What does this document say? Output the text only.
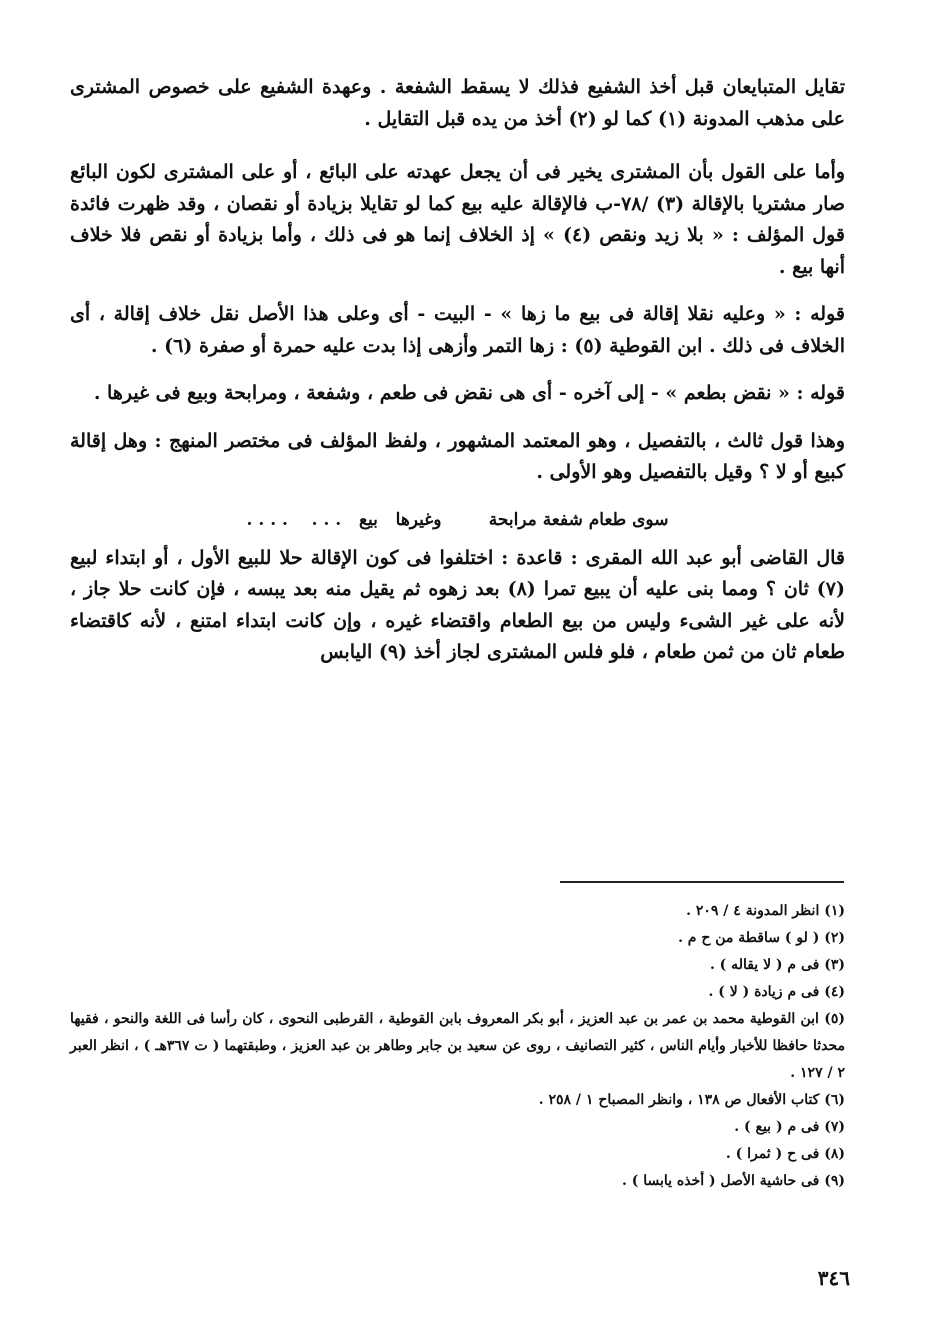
تقايل المتبايعان قبل أخذ الشفيع فذلك لا يسقط الشفعة . وعهدة الشفيع على خصوص المشترى على مذهب المدونة (١) كما لو (٢) أخذ من يده قبل التقايل .

وأما على القول بأن المشترى يخير فى أن يجعل عهدته على البائع ، أو على المشترى لكون البائع صار مشتريا بالإقالة (٣) /٧٨-ب فالإقالة عليه بيع كما لو تقايلا بزيادة أو نقصان ، وقد ظهرت فائدة قول المؤلف : « بلا زيد ونقص (٤) » إذ الخلاف إنما هو فى ذلك ، وأما بزيادة أو نقص فلا خلاف أنها بيع .

قوله : « وعليه نقلا إقالة فى بيع ما زها » - البيت - أى وعلى هذا الأصل نقل خلاف إقالة ، أى الخلاف فى ذلك . ابن القوطية (٥) : زها التمر وأزهى إذا بدت عليه حمرة أو صفرة (٦) .

قوله : « نقض بطعم » - إلى آخره - أى هى نقض فى طعم ، وشفعة ، ومرابحة وبيع فى غيرها .

وهذا قول ثالث ، بالتفصيل ، وهو المعتمد المشهور ، ولفظ المؤلف فى مختصر المنهج : وهل إقالة كبيع أو لا ؟ وقيل بالتفصيل وهو الأولى .

سوى طعام شفعة مرابحة        وغيرها   بيع   . . .    . . . .

قال القاضى أبو عبد الله المقرى : قاعدة : اختلفوا فى كون الإقالة حلا للبيع الأول ، أو ابتداء لبيع (٧) ثان ؟ ومما بنى عليه أن يبيع تمرا (٨) بعد زهوه ثم يقيل منه بعد يبسه ، فإن كانت حلا جاز ، لأنه على غير الشىء وليس من بيع الطعام واقتضاء غيره ، وإن كانت ابتداء امتنع ، لأنه كاقتضاء طعام ثان من ثمن طعام ، فلو فلس المشترى لجاز أخذ (٩) اليابس

(١) انظر المدونة ٤ / ٢٠٩ .

(٢) ( لو ) ساقطة من ح م .

(٣) فى م ( لا يقاله ) .

(٤) فى م زيادة ( لا ) .

(٥) ابن القوطية محمد بن عمر بن عبد العزيز ، أبو بكر المعروف بابن القوطية ، القرطبى النحوى ، كان رأسا فى اللغة والنحو ، فقيها محدثا حافظا للأخبار وأيام الناس ، كثير التصانيف ، روى عن سعيد بن جابر وطاهر بن عبد العزيز ، وطبقتهما ( ت ٣٦٧هـ ) ، انظر العبر ٢ / ١٢٧ .

(٦) كتاب الأفعال ص ١٣٨ ، وانظر المصباح ١ / ٢٥٨ .

(٧) فى م ( بيع ) .

(٨) فى ح ( ثمرا ) .

(٩) فى حاشية الأصل ( أخذه يابسا ) .

٣٤٦
